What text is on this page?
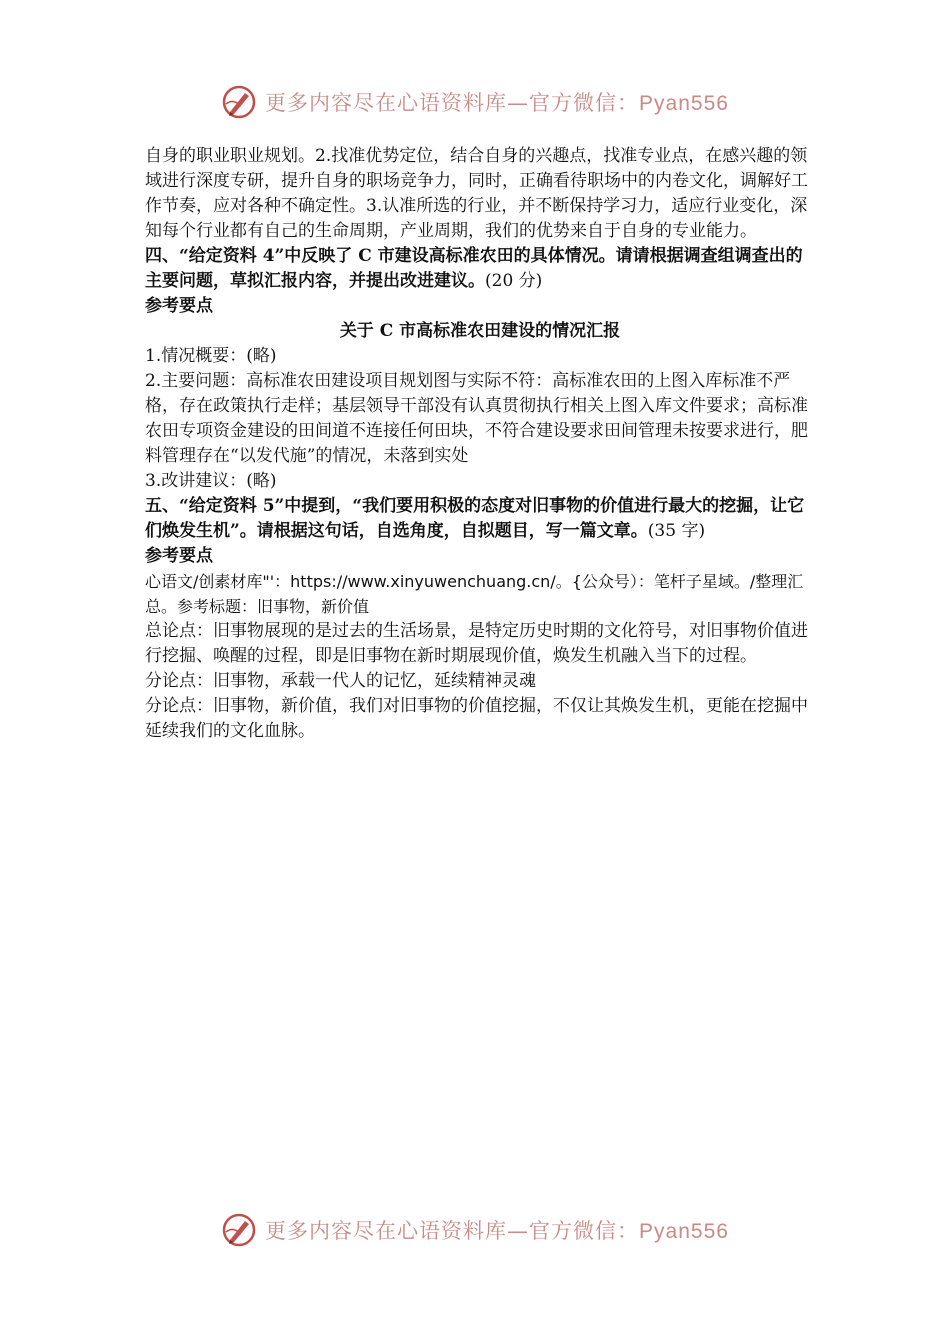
更多内容尽在心语资料库—官方微信：Pyan556

自身的职业职业规划。2.找准优势定位，结合自身的兴趣点，找准专业点，在感兴趣的领域进行深度专研，提升自身的职场竞争力，同时，正确看待职场中的内卷文化，调解好工作节奏，应对各种不确定性。3.认准所选的行业，并不断保持学习力，适应行业变化，深知每个行业都有自己的生命周期，产业周期，我们的优势来自于自身的专业能力。

四、“给定资料 4”中反映了 C 市建设高标准农田的具体情况。请请根据调查组调查出的主要问题，草拟汇报内容，并提出改进建议。(20 分)

参考要点

关于 C 市高标准农田建设的情况汇报

1.情况概要：(略)

2.主要问题：高标准农田建设项目规划图与实际不符：高标准农田的上图入库标准不严格，存在政策执行走样；基层领导干部没有认真贯彻执行相关上图入库文件要求；高标准农田专项资金建设的田间道不连接任何田块，不符合建设要求田间管理未按要求进行，肥料管理存在“以发代施”的情况，未落到实处

3.改讲建议：(略)

五、“给定资料 5”中提到，“我们要用积极的态度对旧事物的价值进行最大的挖掘，让它们焕发生机”。请根据这句话，自选角度，自拟题目，写一篇文章。(35 字)

参考要点

心语文/创素材库"'：https://www.xinyuwenchuang.cn/。{公众号）：笔杆子星域。/整理汇总。参考标题：旧事物，新价值

总论点：旧事物展现的是过去的生活场景，是特定历史时期的文化符号，对旧事物价值进行挖掘、唤醒的过程，即是旧事物在新时期展现价值，焕发生机融入当下的过程。

分论点：旧事物，承载一代人的记忆，延续精神灵魂

分论点：旧事物，新价值，我们对旧事物的价值挖掘，不仅让其焕发生机，更能在挖掘中延续我们的文化血脉。

更多内容尽在心语资料库—官方微信：Pyan556
